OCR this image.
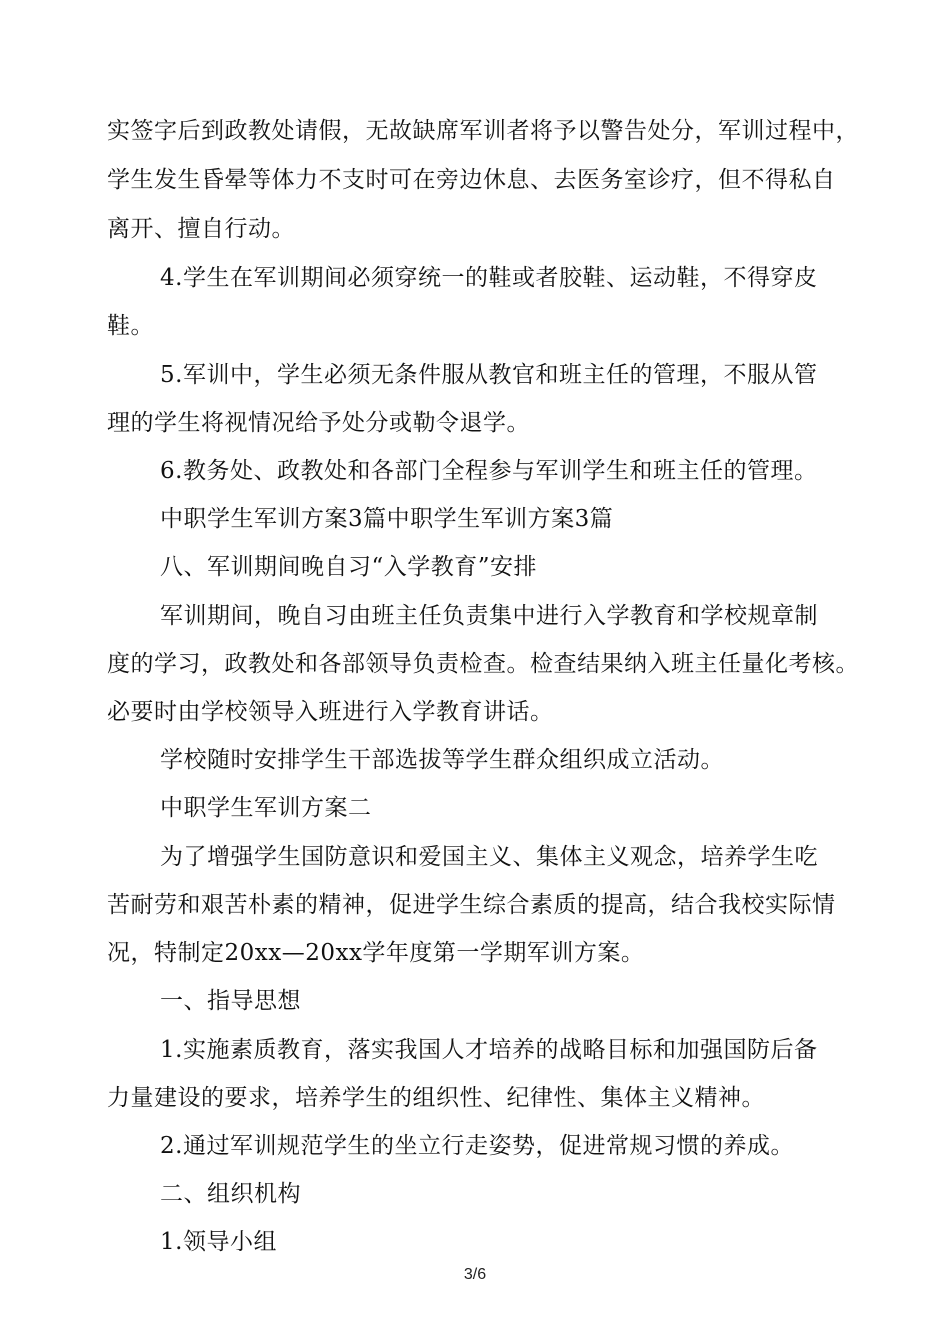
实签字后到政教处请假，无故缺席军训者将予以警告处分，军训过程中，
学生发生昏晕等体力不支时可在旁边休息、去医务室诊疗，但不得私自
离开、擅自行动。
4.学生在军训期间必须穿统一的鞋或者胶鞋、运动鞋，不得穿皮
鞋。
5.军训中，学生必须无条件服从教官和班主任的管理，不服从管
理的学生将视情况给予处分或勒令退学。
6.教务处、政教处和各部门全程参与军训学生和班主任的管理。
中职学生军训方案3篇中职学生军训方案3篇
八、军训期间晚自习“入学教育”安排
军训期间，晚自习由班主任负责集中进行入学教育和学校规章制
度的学习，政教处和各部领导负责检查。检查结果纳入班主任量化考核。
必要时由学校领导入班进行入学教育讲话。
学校随时安排学生干部选拔等学生群众组织成立活动。
中职学生军训方案二
为了增强学生国防意识和爱国主义、集体主义观念，培养学生吃
苦耐劳和艰苦朴素的精神，促进学生综合素质的提高，结合我校实际情
况，特制定20xx—20xx学年度第一学期军训方案。
一、指导思想
1.实施素质教育，落实我国人才培养的战略目标和加强国防后备
力量建设的要求，培养学生的组织性、纪律性、集体主义精神。
2.通过军训规范学生的坐立行走姿势，促进常规习惯的养成。
二、组织机构
1.领导小组
3/6
